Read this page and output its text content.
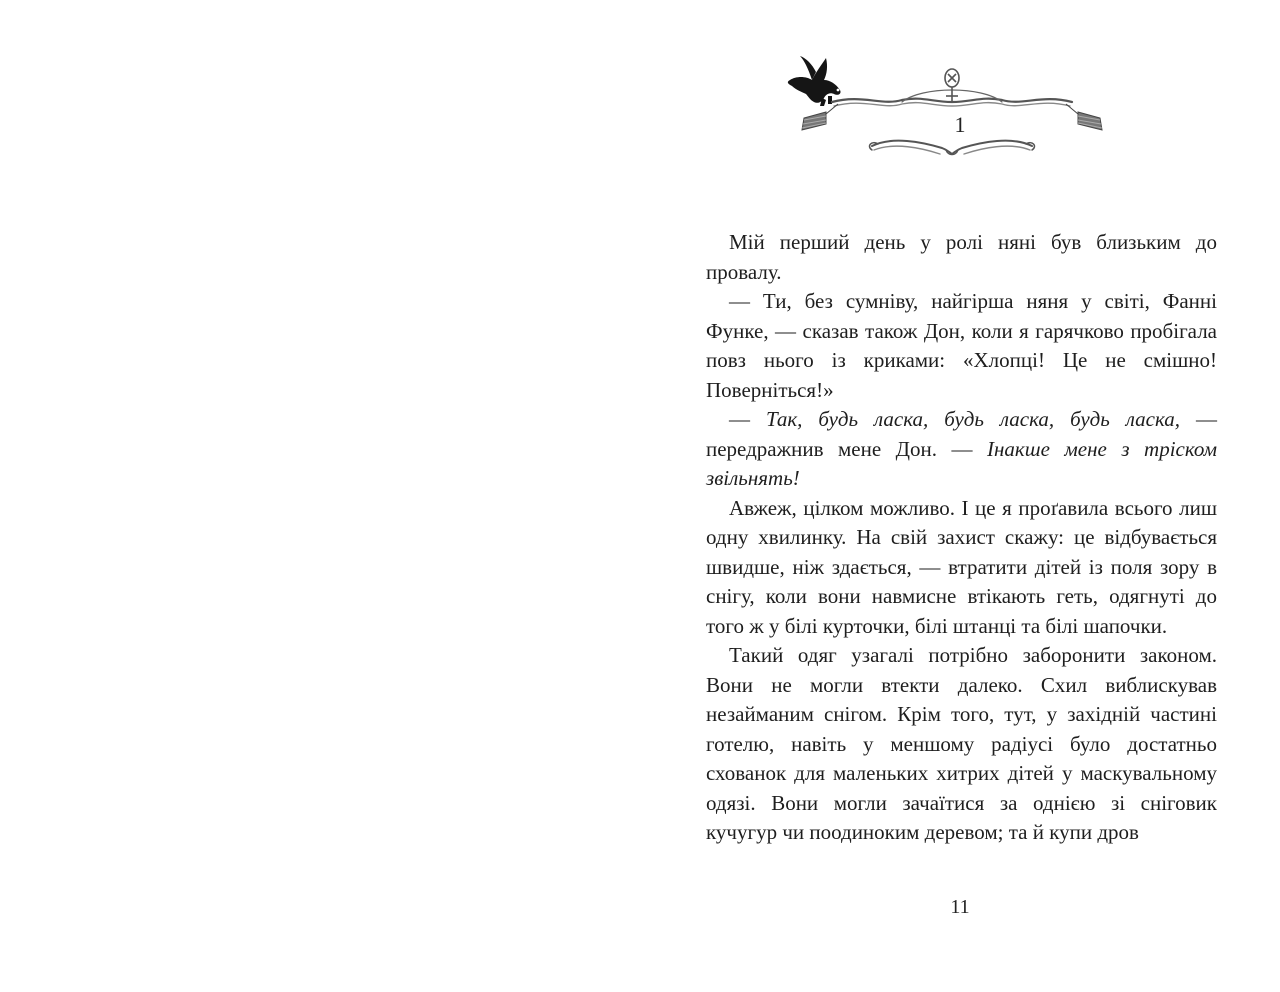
1

Мій перший день у ролі няні був близьким до провалу.

— Ти, без сумніву, найгірша няня у світі, Фанні Функе, — сказав також Дон, коли я гарячково пробігала повз нього із криками: «Хлопці! Це не смішно! Поверніться!»

— Так, будь ласка, будь ласка, будь ласка, — передражнив мене Дон. — Інакше мене з тріском звільнять!

Авжеж, цілком можливо. І це я проґавила всього лиш одну хвилинку. На свій захист скажу: це відбувається швидше, ніж здається, — втратити дітей із поля зору в снігу, коли вони навмисне втікають геть, одягнуті до того ж у білі курточки, білі штанці та білі шапочки.

Такий одяг узагалі потрібно заборонити законом. Вони не могли втекти далеко. Схил виблискував незайманим снігом. Крім того, тут, у західній частині готелю, навіть у меншому радіусі було достатньо схованок для маленьких хитрих дітей у маскувальному одязі. Вони могли зачаїтися за однією зі сніговик кучугур чи поодиноким деревом; та й купи дров

11
